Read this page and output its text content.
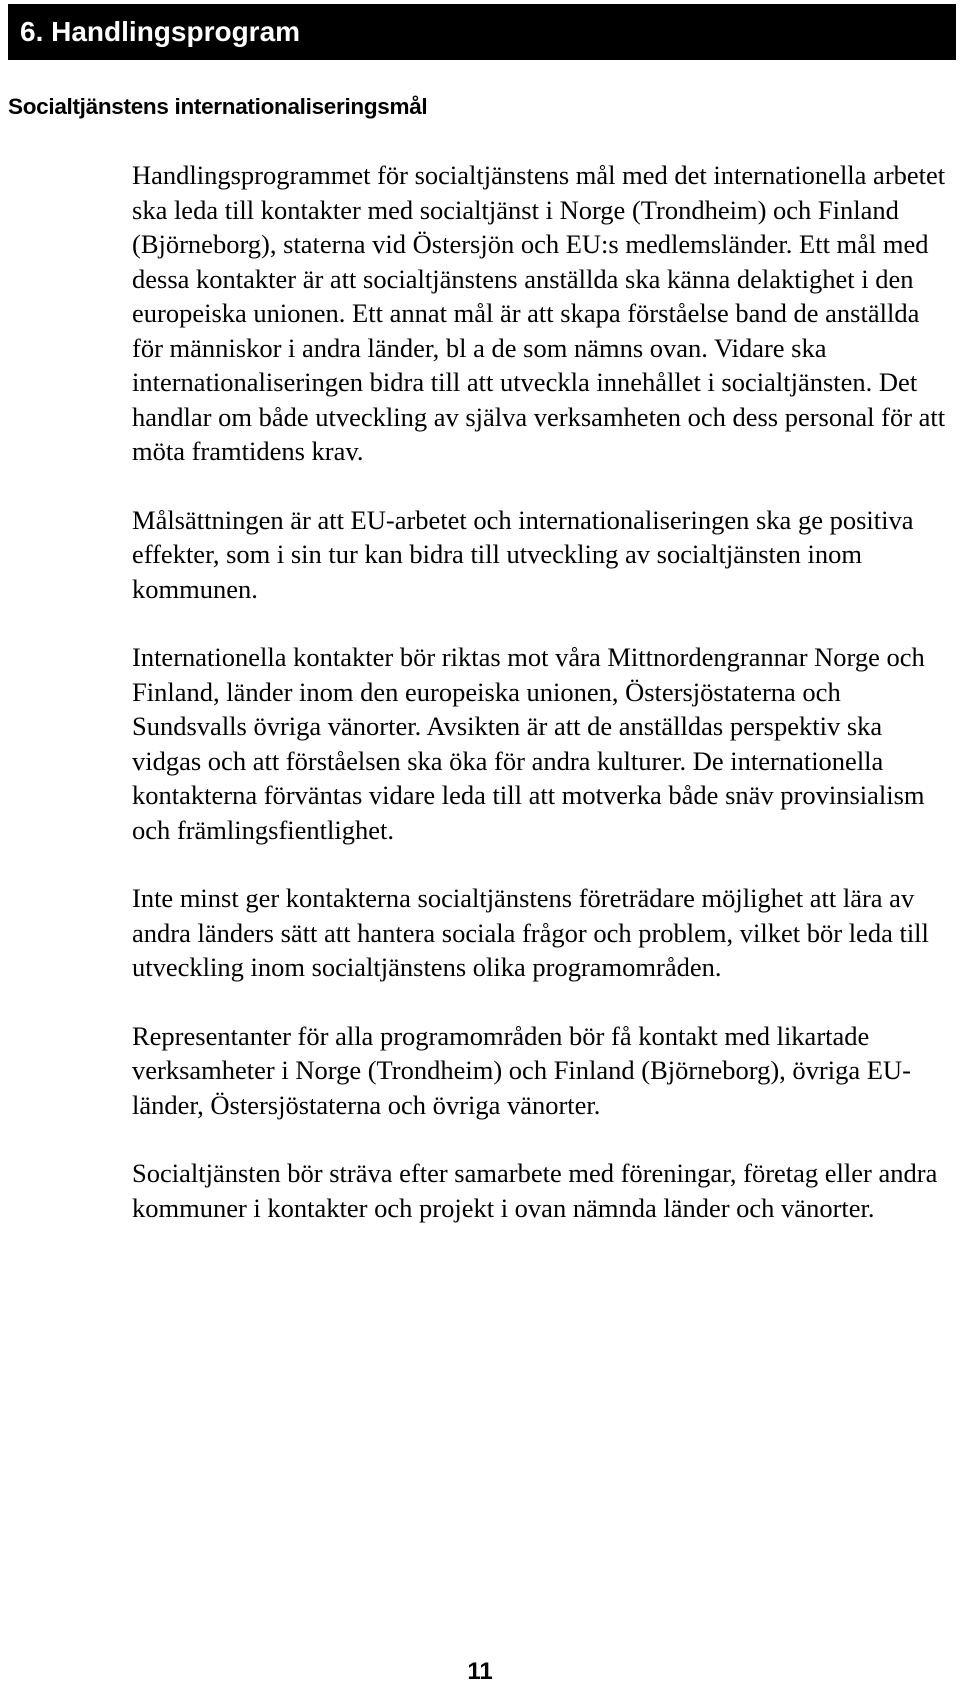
6. Handlingsprogram
Socialtjänstens internationaliseringsmål

Handlingsprogrammet för socialtjänstens mål med det internationella arbetet ska leda till kontakter med socialtjänst i Norge (Trondheim) och Finland (Björneborg), staterna vid Östersjön och EU:s medlemsländer. Ett mål med dessa kontakter är att socialtjänstens anställda ska känna delaktighet i den europeiska unionen. Ett annat mål är att skapa förståelse band de anställda för människor i andra länder, bl a de som nämns ovan. Vidare ska internationaliseringen bidra till att utveckla innehållet i socialtjänsten. Det handlar om både utveckling av själva verksamheten och dess personal för att möta framtidens krav.

Målsättningen är att EU-arbetet och internationaliseringen ska ge positiva effekter, som i sin tur kan bidra till utveckling av socialtjänsten inom kommunen.

Internationella kontakter bör riktas mot våra Mittnordengrannar Norge och Finland, länder inom den europeiska unionen, Östersjöstaterna och Sundsvalls övriga vänorter. Avsikten är att de anställdas perspektiv ska vidgas och att förståelsen ska öka för andra kulturer. De internationella kontakterna förväntas vidare leda till att motverka både snäv provinsialism och främlingsfientlighet.

Inte minst ger kontakterna socialtjänstens företrädare möjlighet att lära av andra länders sätt att hantera sociala frågor och problem, vilket bör leda till utveckling inom socialtjänstens olika programområden.

Representanter för alla programområden bör få kontakt med likartade verksamheter i Norge (Trondheim) och Finland (Björneborg), övriga EU-länder, Östersjöstaterna och övriga vänorter.

Socialtjänsten bör sträva efter samarbete med föreningar, företag eller andra kommuner i kontakter och projekt i ovan nämnda länder och vänorter.

11
